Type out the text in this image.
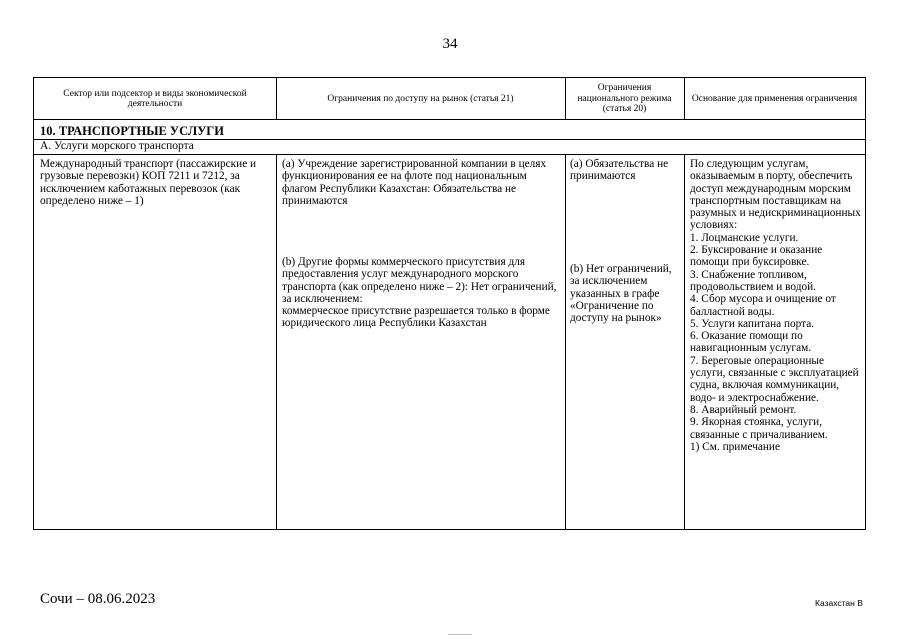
34
Сектор или подсектор и виды экономической деятельности
Ограничения по доступу на рынок (статья 21)
Ограничения национального режима (статья 20)
Основание для применения ограничения
10. ТРАНСПОРТНЫЕ УСЛУГИ
A. Услуги морского транспорта
Международный транспорт (пассажирские и грузовые перевозки) КОП 7211 и 7212, за исключением каботажных перевозок (как определено ниже – 1)
(а) Учреждение зарегистрированной компании в целях функционирования ее на флоте под национальным флагом Республики Казахстан: Обязательства не принимаются
(b) Другие формы коммерческого присутствия для предоставления услуг международного морского транспорта (как определено ниже – 2): Нет ограничений, за исключением:
коммерческое присутствие разрешается только в форме юридического лица Республики Казахстан
(а) Обязательства не принимаются
(b) Нет ограничений, за исключением указанных в графе «Ограничение по доступу на рынок»
По следующим услугам, оказываемым в порту, обеспечить доступ международным морским транспортным поставщикам на разумных и недискриминационных условиях:
1. Лоцманские услуги.
2. Буксирование и оказание помощи при буксировке.
3. Снабжение топливом, продовольствием и водой.
4. Сбор мусора и очищение от балластной воды.
5. Услуги капитана порта.
6. Оказание помощи по навигационным услугам.
7. Береговые операционные услуги, связанные с эксплуатацией судна, включая коммуникации, водо- и электроснабжение.
8. Аварийный ремонт.
9. Якорная стоянка, услуги, связанные с причаливанием.
1) См. примечание
Сочи – 08.06.2023	Казахстан В
